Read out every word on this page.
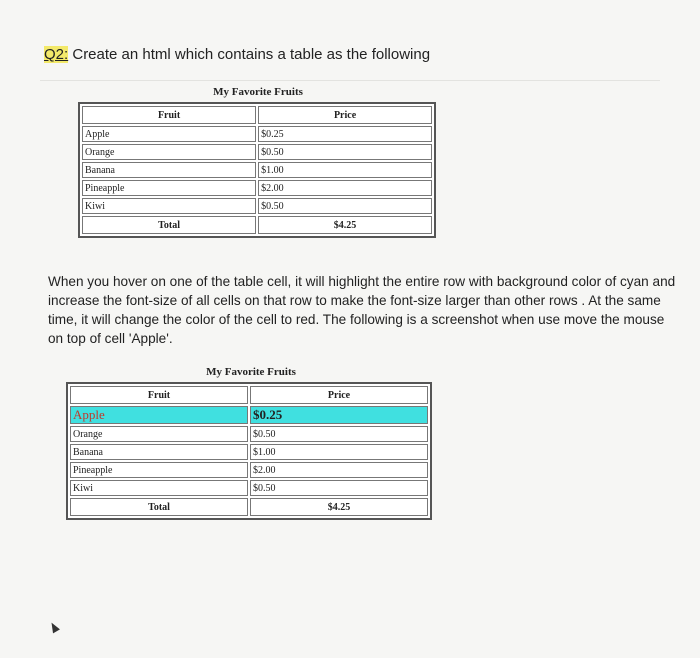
Q2: Create an html which contains a table as the following
My Favorite Fruits
Fruit	Price
Apple	$0.25
Orange	$0.50
Banana	$1.00
Pineapple	$2.00
Kiwi	$0.50
Total	$4.25
When you hover on one of the table cell, it will highlight the entire row with background color of cyan and increase the font-size of all cells on that row to make the font-size larger than other rows . At the same time, it will change the color of the cell to red. The following is a screenshot when use move the mouse on top of cell 'Apple'.
My Favorite Fruits
Fruit	Price
Apple	$0.25
Orange	$0.50
Banana	$1.00
Pineapple	$2.00
Kiwi	$0.50
Total	$4.25
